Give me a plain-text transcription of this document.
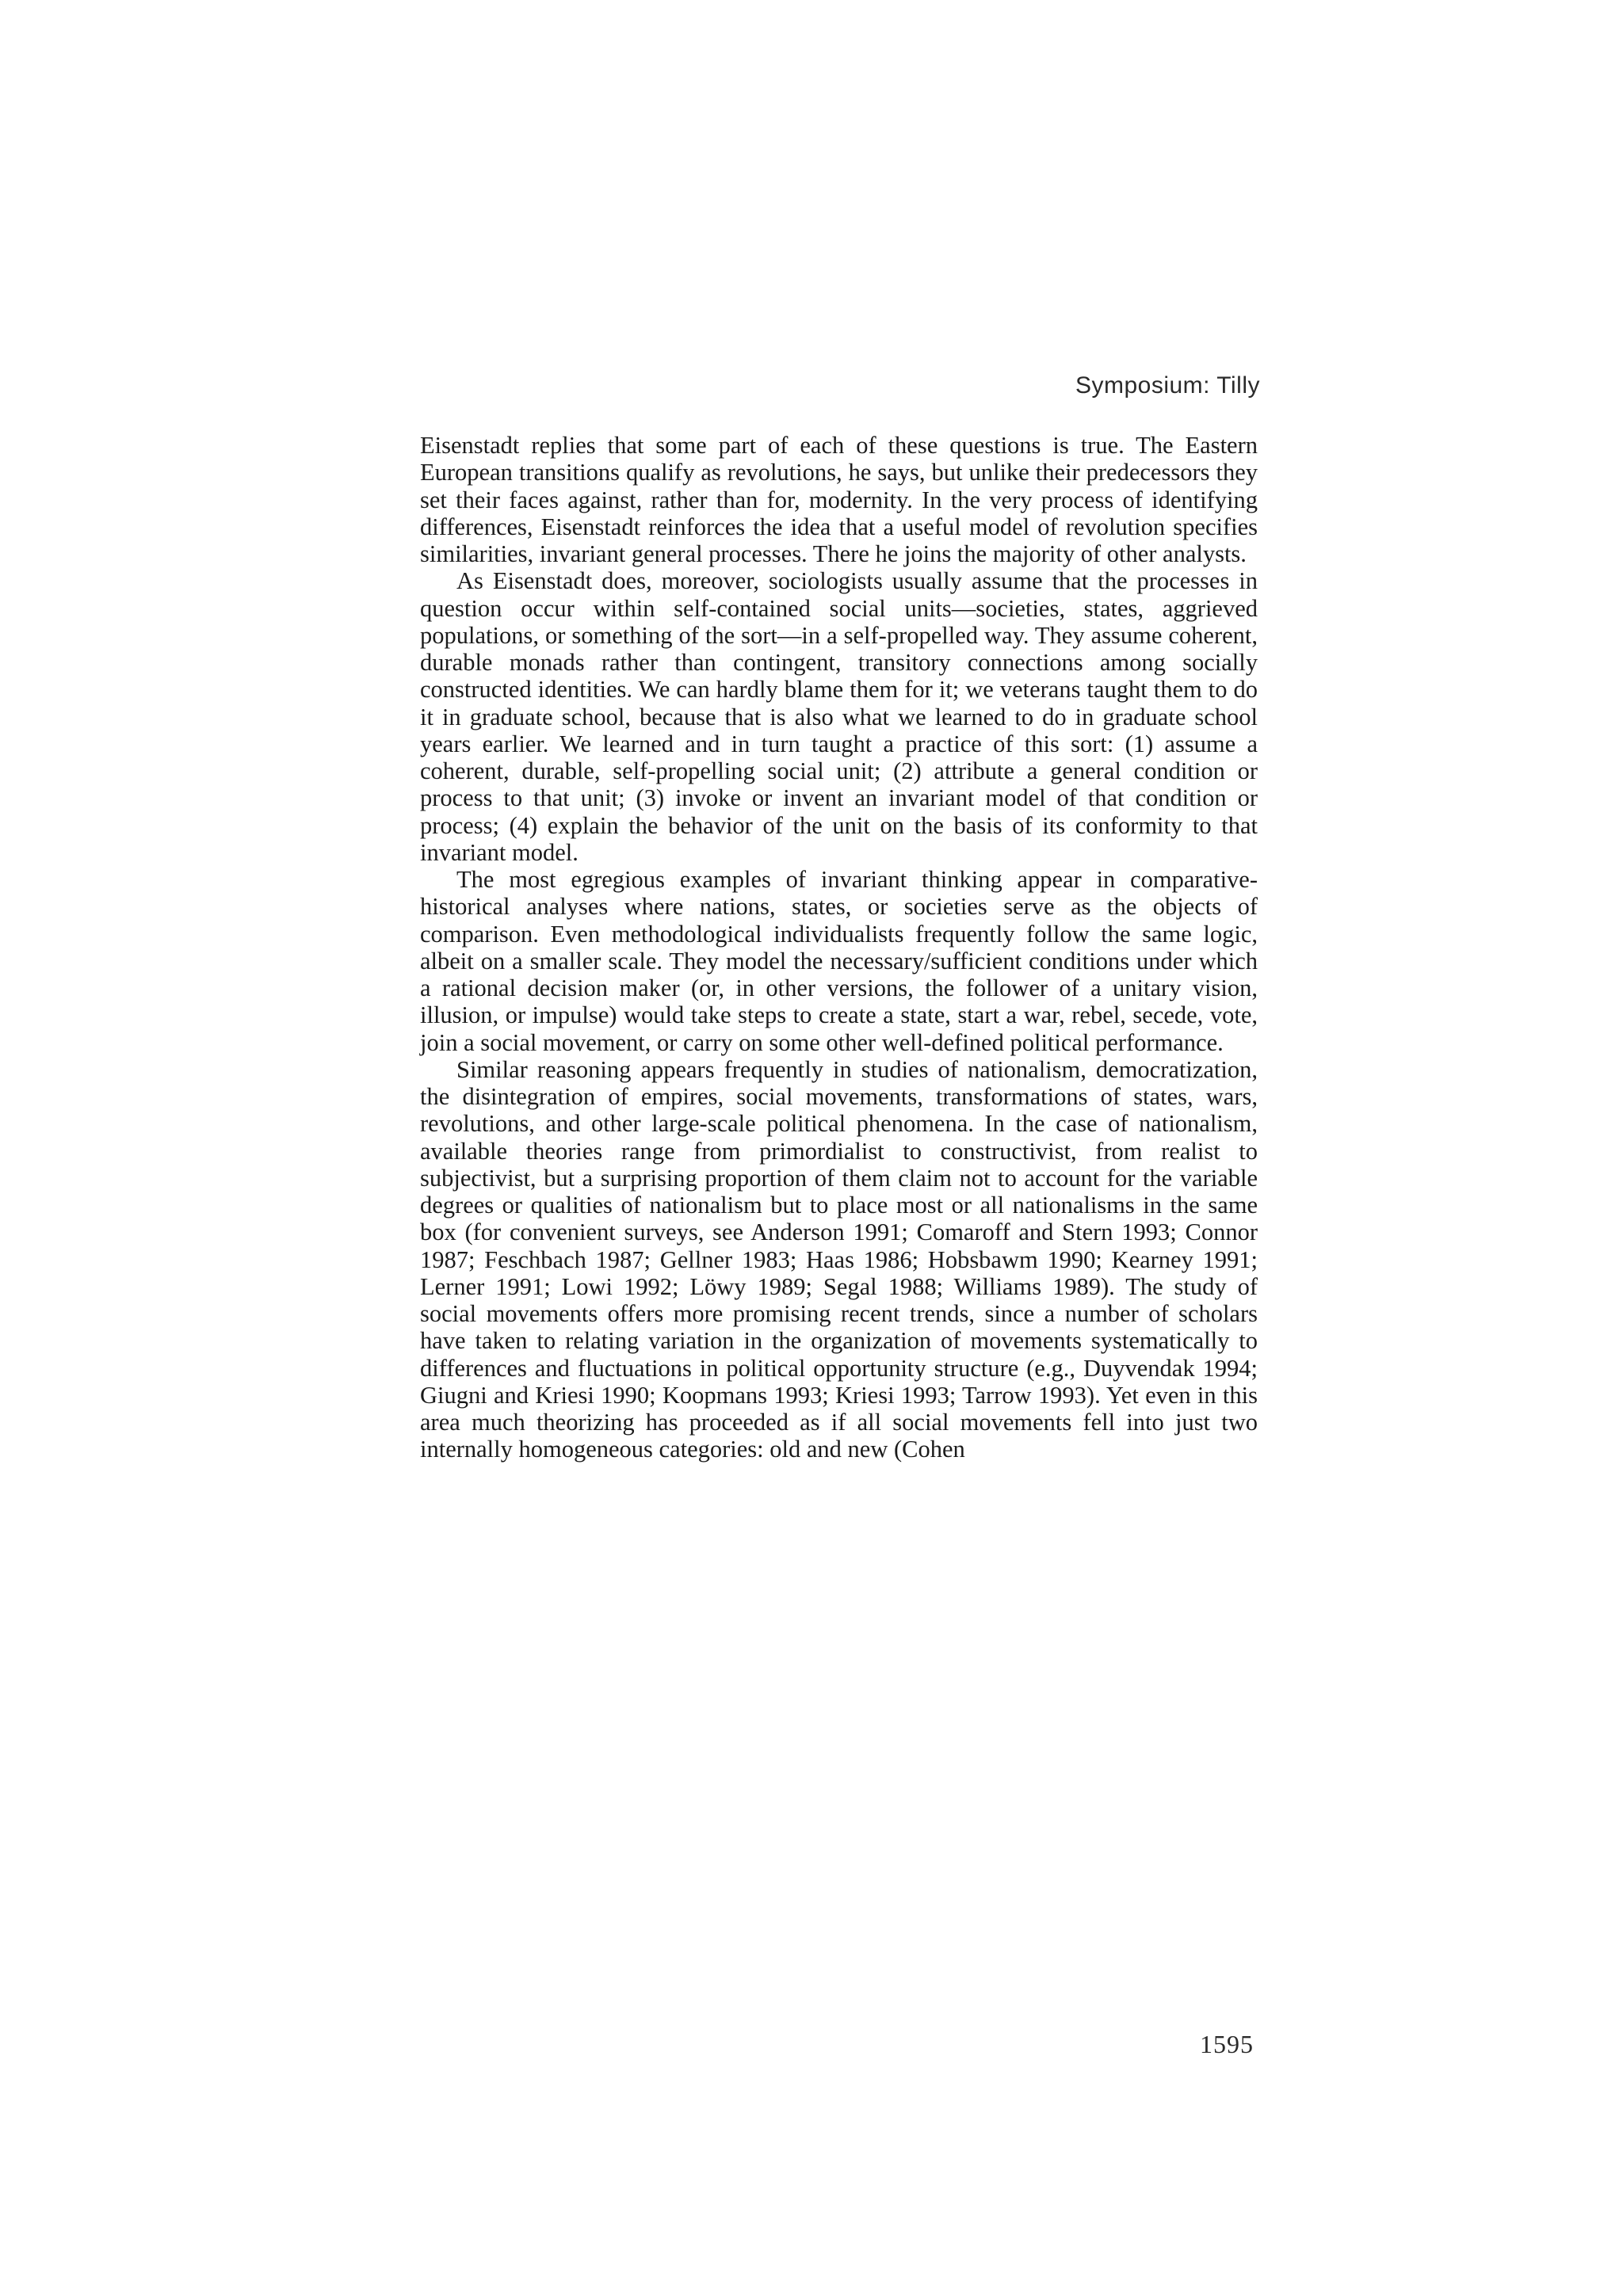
Symposium: Tilly

Eisenstadt replies that some part of each of these questions is true. The Eastern European transitions qualify as revolutions, he says, but unlike their predecessors they set their faces against, rather than for, modernity. In the very process of identifying differences, Eisenstadt reinforces the idea that a useful model of revolution specifies similarities, invariant general processes. There he joins the majority of other analysts.

As Eisenstadt does, moreover, sociologists usually assume that the processes in question occur within self-contained social units—societies, states, aggrieved populations, or something of the sort—in a self-propelled way. They assume coherent, durable monads rather than contingent, transitory connections among socially constructed identities. We can hardly blame them for it; we veterans taught them to do it in graduate school, because that is also what we learned to do in graduate school years earlier. We learned and in turn taught a practice of this sort: (1) assume a coherent, durable, self-propelling social unit; (2) attribute a general condition or process to that unit; (3) invoke or invent an invariant model of that condition or process; (4) explain the behavior of the unit on the basis of its conformity to that invariant model.

The most egregious examples of invariant thinking appear in comparative-historical analyses where nations, states, or societies serve as the objects of comparison. Even methodological individualists frequently follow the same logic, albeit on a smaller scale. They model the necessary/sufficient conditions under which a rational decision maker (or, in other versions, the follower of a unitary vision, illusion, or impulse) would take steps to create a state, start a war, rebel, secede, vote, join a social movement, or carry on some other well-defined political performance.

Similar reasoning appears frequently in studies of nationalism, democratization, the disintegration of empires, social movements, transformations of states, wars, revolutions, and other large-scale political phenomena. In the case of nationalism, available theories range from primordialist to constructivist, from realist to subjectivist, but a surprising proportion of them claim not to account for the variable degrees or qualities of nationalism but to place most or all nationalisms in the same box (for convenient surveys, see Anderson 1991; Comaroff and Stern 1993; Connor 1987; Feschbach 1987; Gellner 1983; Haas 1986; Hobsbawm 1990; Kearney 1991; Lerner 1991; Lowi 1992; Löwy 1989; Segal 1988; Williams 1989). The study of social movements offers more promising recent trends, since a number of scholars have taken to relating variation in the organization of movements systematically to differences and fluctuations in political opportunity structure (e.g., Duyvendak 1994; Giugni and Kriesi 1990; Koopmans 1993; Kriesi 1993; Tarrow 1993). Yet even in this area much theorizing has proceeded as if all social movements fell into just two internally homogeneous categories: old and new (Cohen

1595
